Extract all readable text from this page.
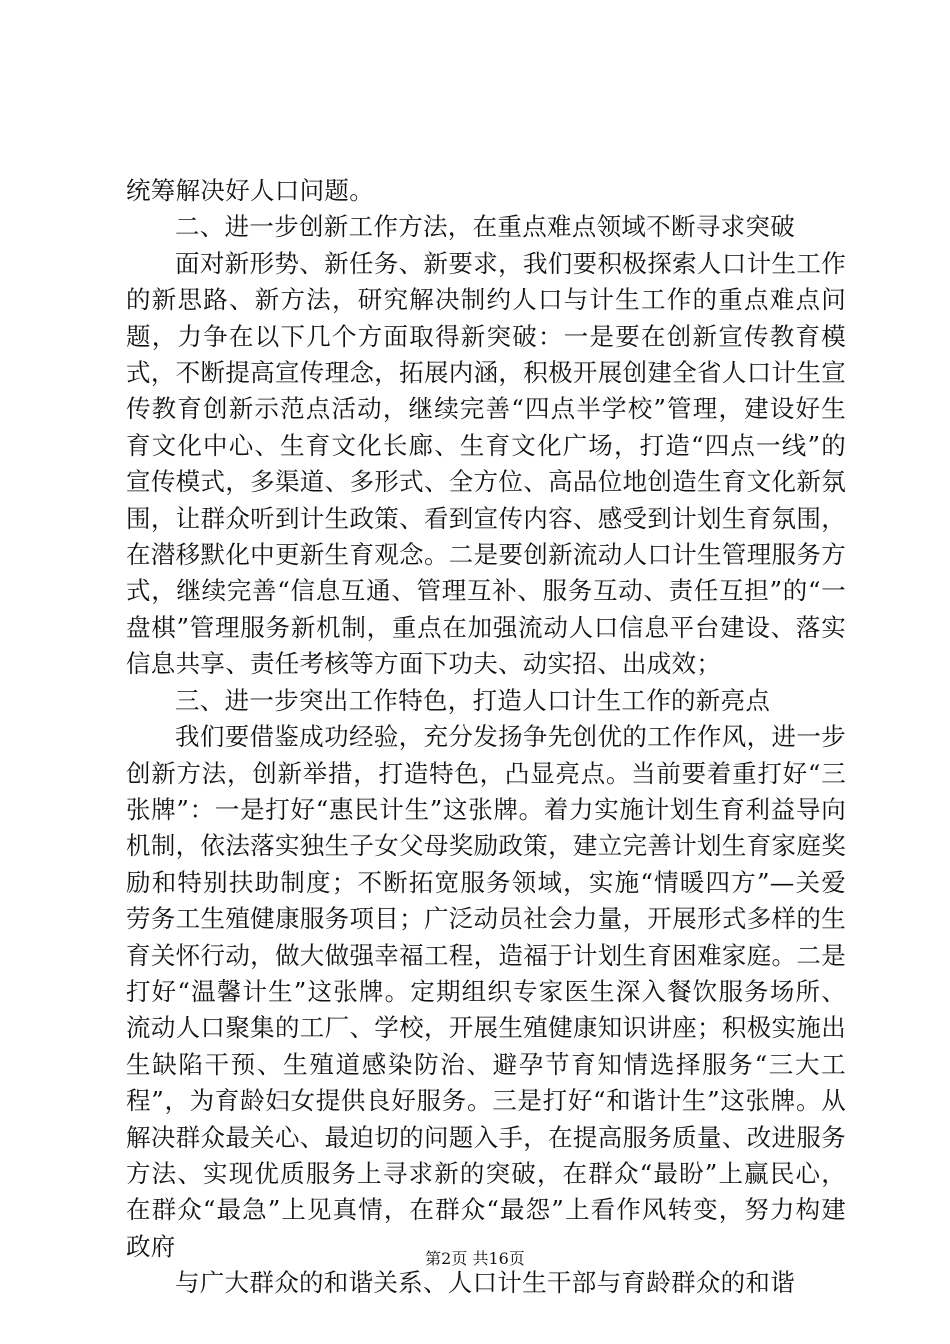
统筹解决好人口问题。

二、进一步创新工作方法，在重点难点领域不断寻求突破

面对新形势、新任务、新要求，我们要积极探索人口计生工作的新思路、新方法，研究解决制约人口与计生工作的重点难点问题，力争在以下几个方面取得新突破：一是要在创新宣传教育模式，不断提高宣传理念，拓展内涵，积极开展创建全省人口计生宣传教育创新示范点活动，继续完善“四点半学校”管理，建设好生育文化中心、生育文化长廊、生育文化广场，打造“四点一线”的宣传模式，多渠道、多形式、全方位、高品位地创造生育文化新氛围，让群众听到计生政策、看到宣传内容、感受到计划生育氛围，在潜移默化中更新生育观念。二是要创新流动人口计生管理服务方式，继续完善“信息互通、管理互补、服务互动、责任互担”的“一盘棋”管理服务新机制，重点在加强流动人口信息平台建设、落实信息共享、责任考核等方面下功夫、动实招、出成效；

三、进一步突出工作特色，打造人口计生工作的新亮点

我们要借鉴成功经验，充分发扬争先创优的工作作风，进一步创新方法，创新举措，打造特色，凸显亮点。当前要着重打好“三张牌”：一是打好“惠民计生”这张牌。着力实施计划生育利益导向机制，依法落实独生子女父母奖励政策，建立完善计划生育家庭奖励和特别扶助制度；不断拓宽服务领域，实施“情暖四方”—关爱劳务工生殖健康服务项目；广泛动员社会力量，开展形式多样的生育关怀行动，做大做强幸福工程，造福于计划生育困难家庭。二是打好“温馨计生”这张牌。定期组织专家医生深入餐饮服务场所、流动人口聚集的工厂、学校，开展生殖健康知识讲座；积极实施出生缺陷干预、生殖道感染防治、避孕节育知情选择服务“三大工程”，为育龄妇女提供良好服务。三是打好“和谐计生”这张牌。从解决群众最关心、最迫切的问题入手，在提高服务质量、改进服务方法、实现优质服务上寻求新的突破，在群众“最盼”上赢民心，在群众“最急”上见真情，在群众“最怨”上看作风转变，努力构建政府

与广大群众的和谐关系、人口计生干部与育龄群众的和谐

第2页 共16页
